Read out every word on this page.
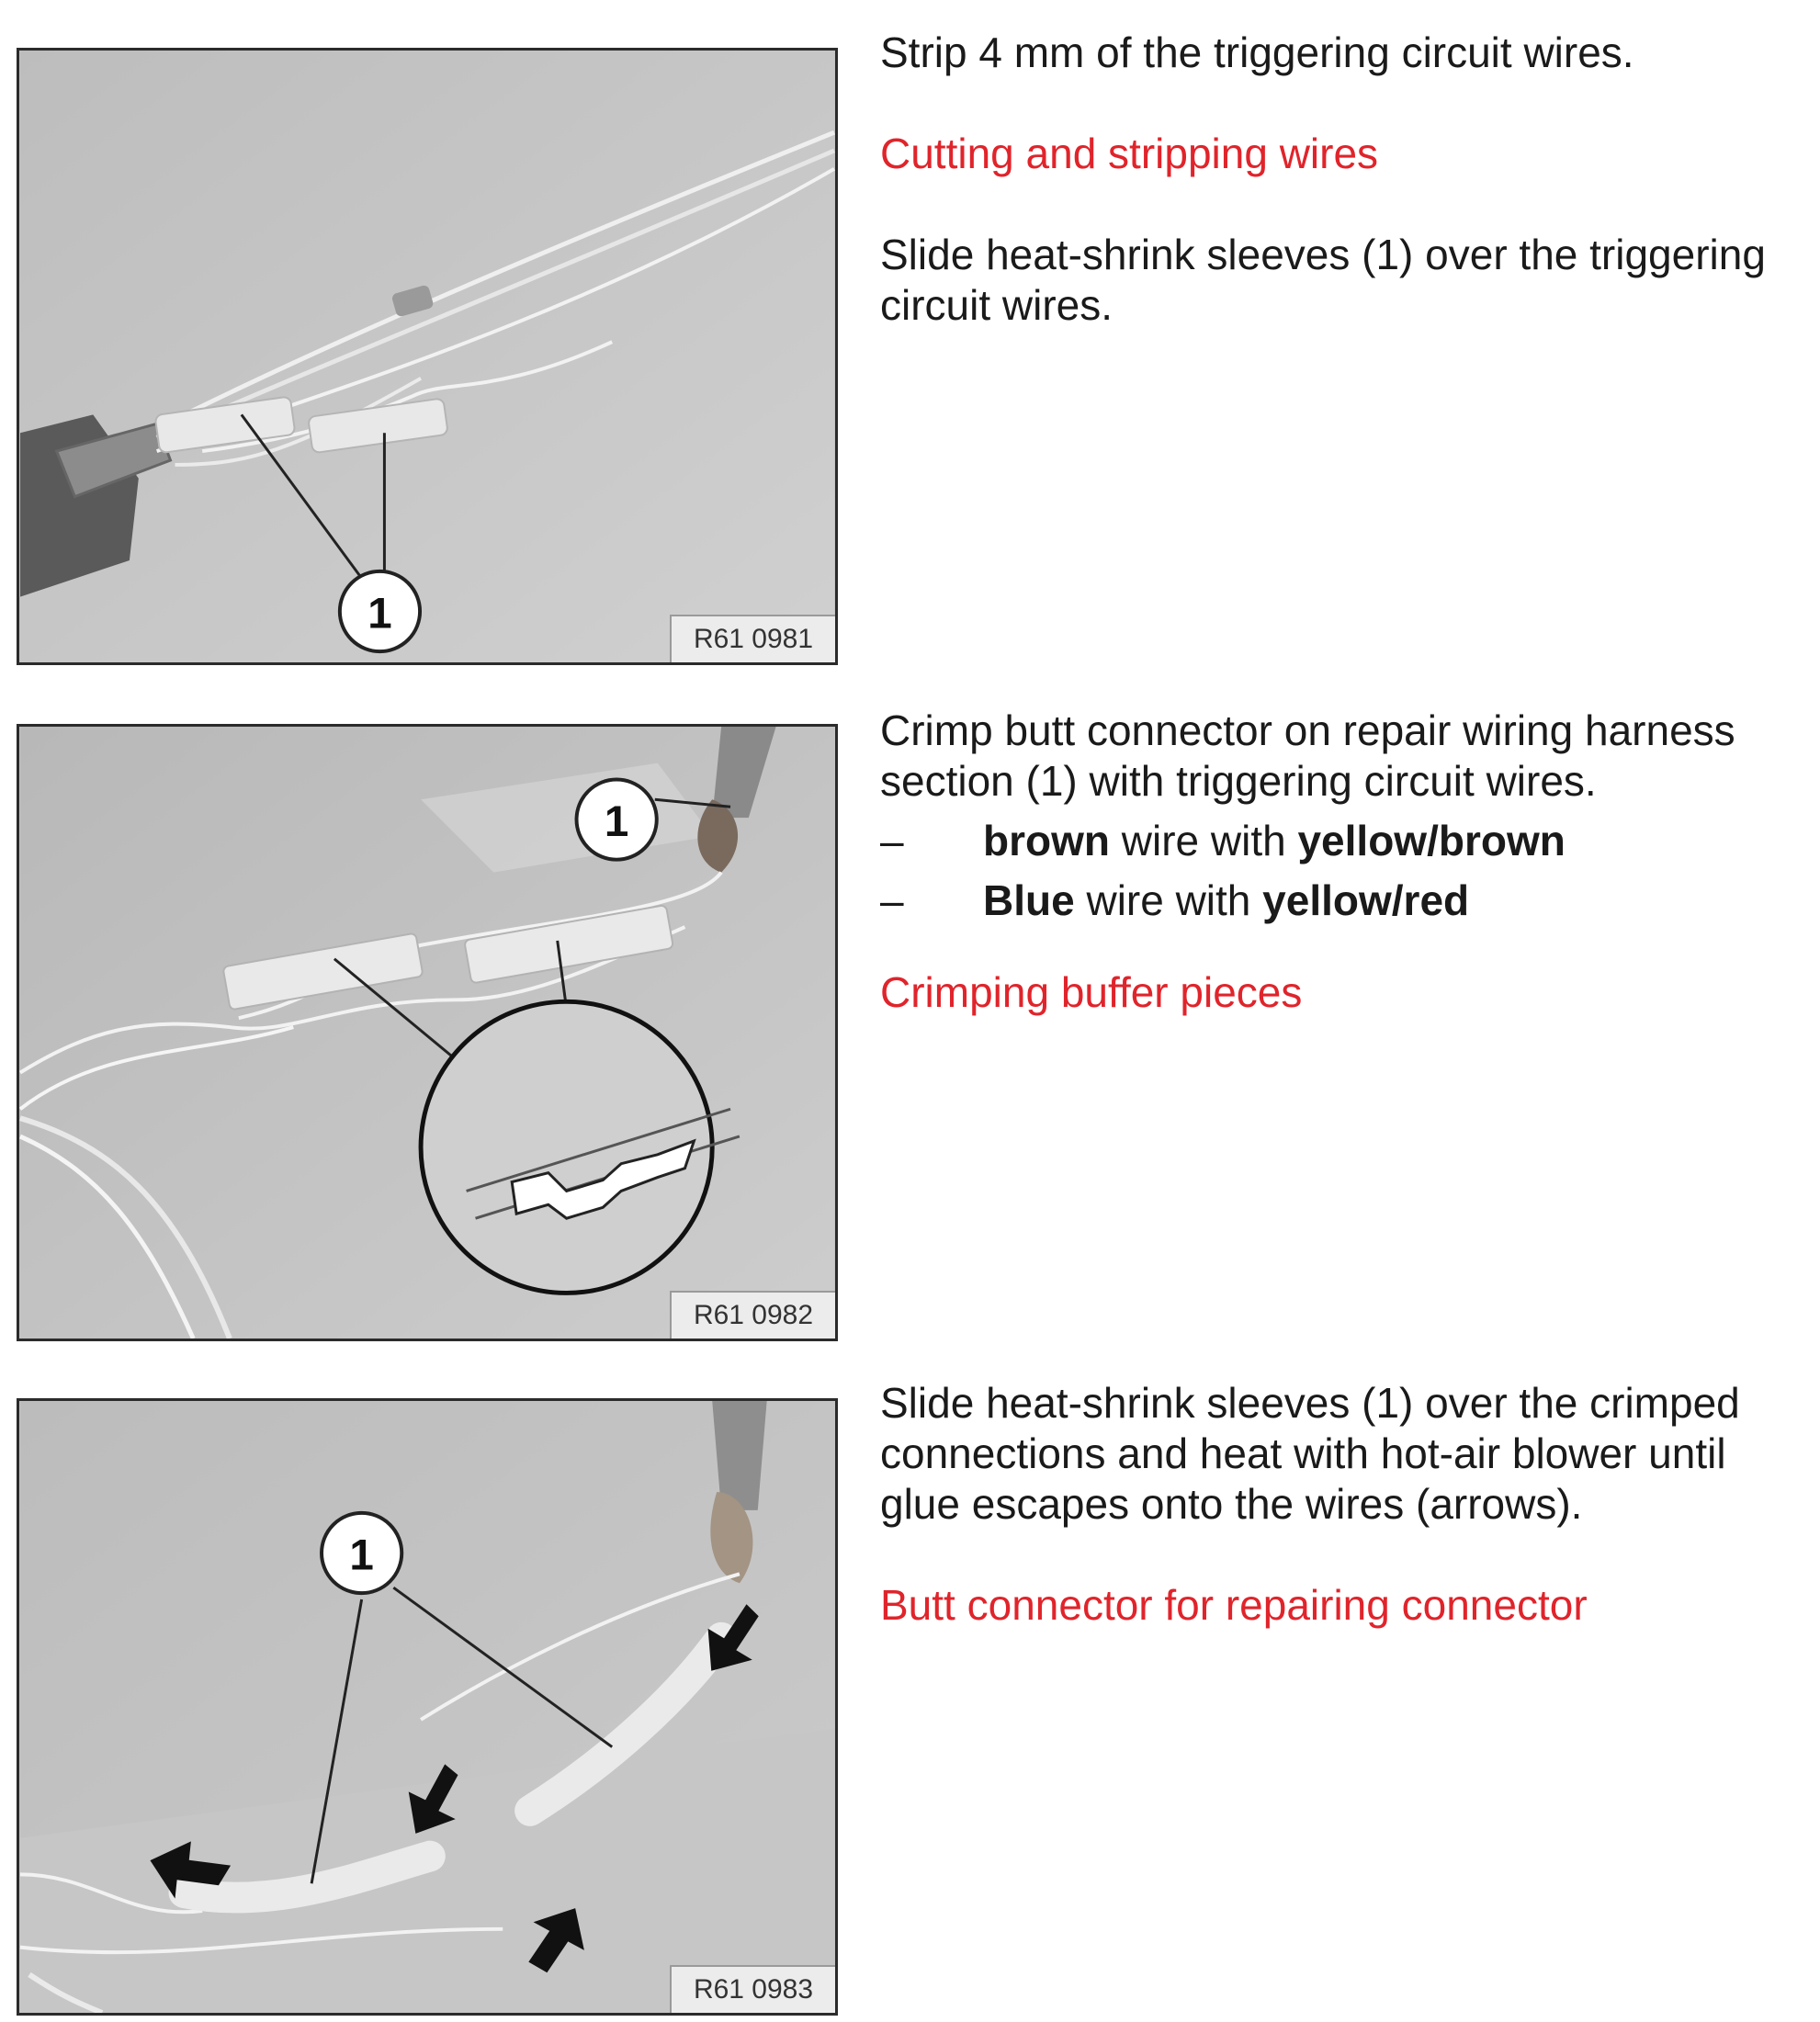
1
R61 0981

Strip 4 mm of the triggering circuit wires.

Cutting and stripping wires

Slide heat-shrink sleeves (1) over the triggering circuit wires.

1
R61 0982

Crimp butt connector on repair wiring harness section (1) with triggering circuit wires.

–	brown wire with yellow/brown
–	Blue wire with yellow/red

Crimping buffer pieces

1
R61 0983

Slide heat-shrink sleeves (1) over the crimped connections and heat with hot-air blower until glue escapes onto the wires (arrows).

Butt connector for repairing connector
